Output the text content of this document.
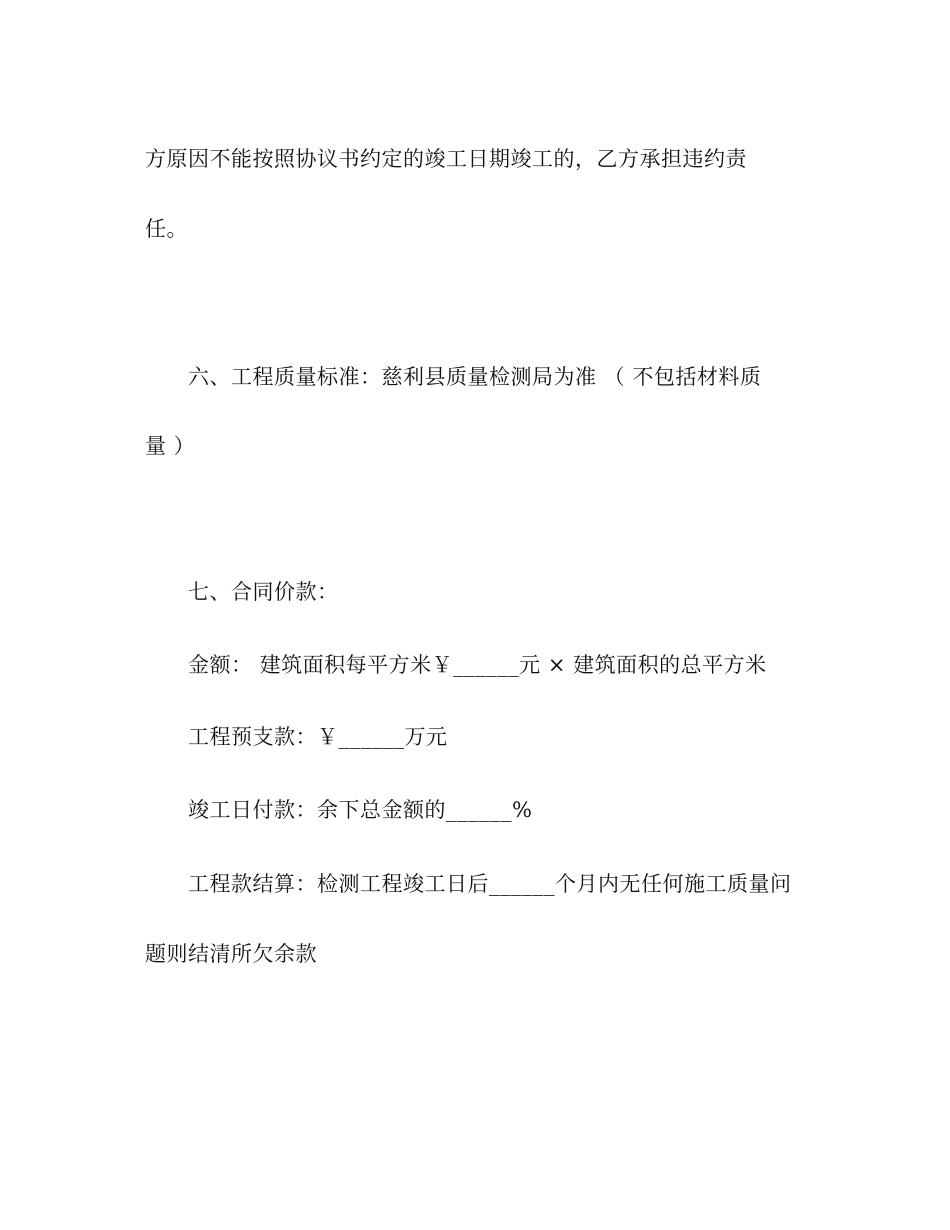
方原因不能按照协议书约定的竣工日期竣工的，乙方承担违约责
任。
六、工程质量标准：慈利县质量检测局为准 （ 不包括材料质
量 ）
七、合同价款：
金额： 建筑面积每平方米￥______元 × 建筑面积的总平方米
工程预支款：￥______万元
竣工日付款：余下总金额的______%
工程款结算：检测工程竣工日后______个月内无任何施工质量问
题则结清所欠余款
